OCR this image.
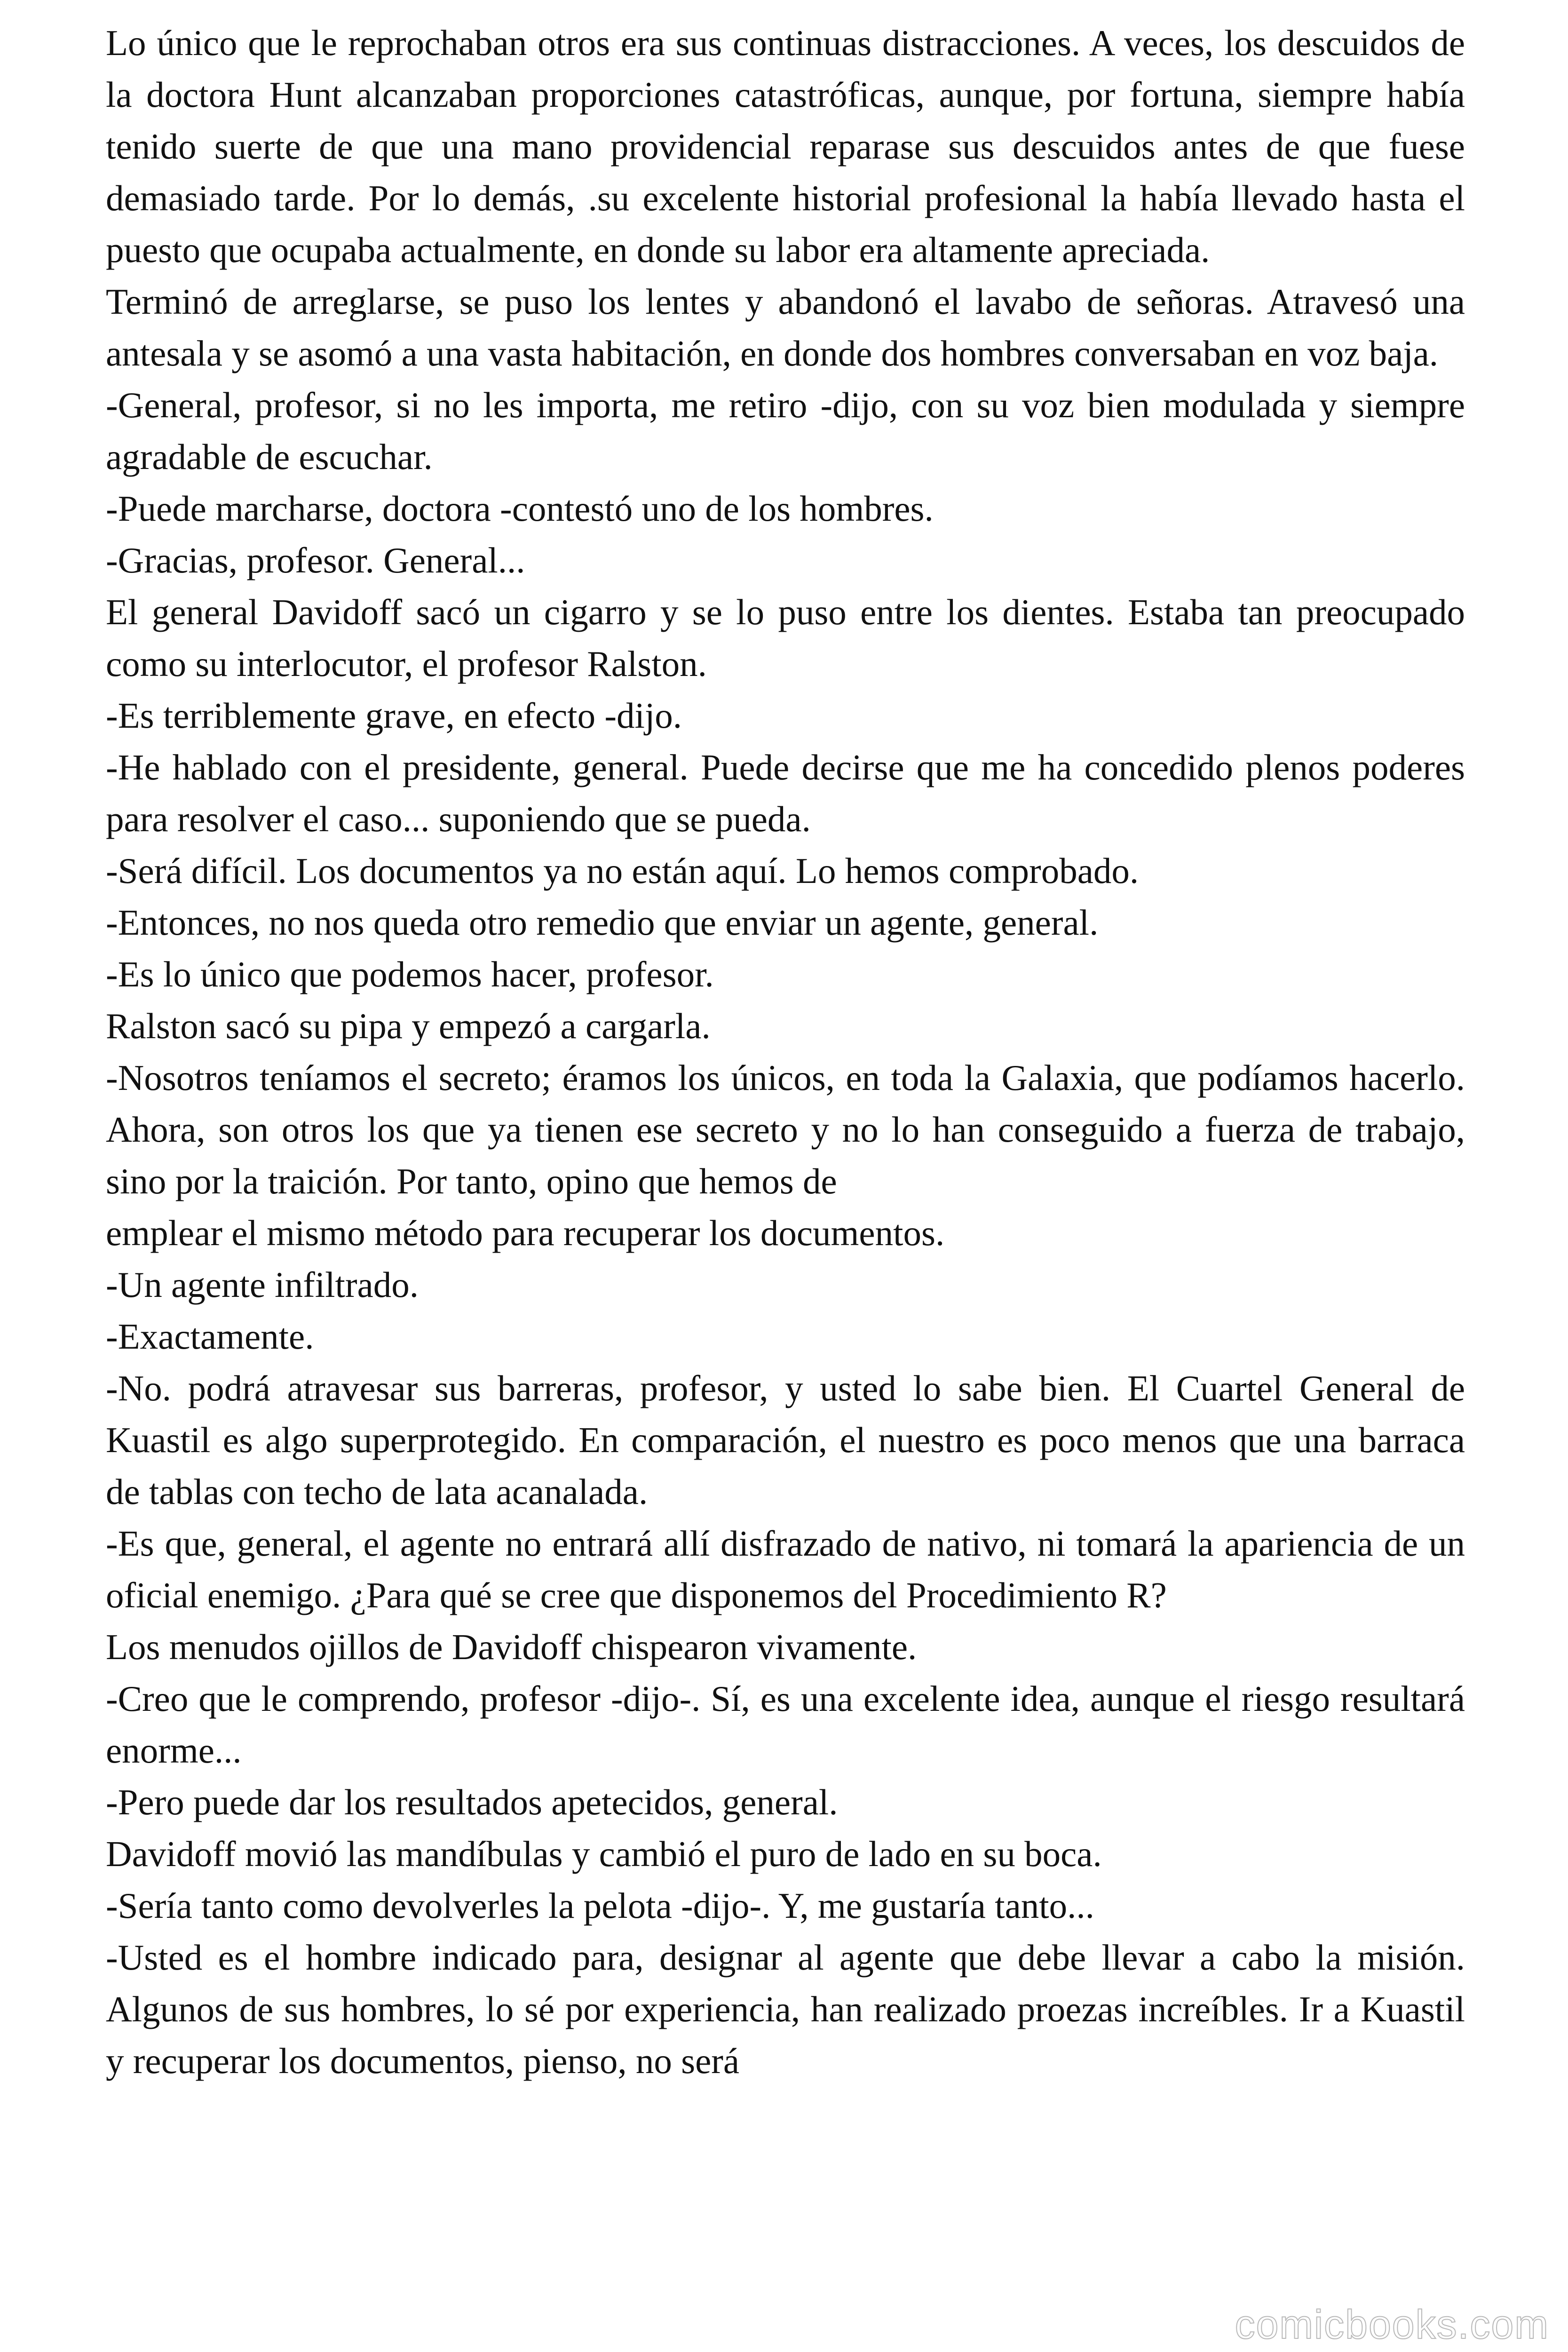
Lo único que le reprochaban otros era sus continuas distracciones. A veces, los descuidos de la doctora Hunt alcanzaban proporciones catastróficas, aunque, por fortuna, siempre había tenido suerte de que una mano providencial reparase sus descuidos antes de que fuese demasiado tarde. Por lo demás, .su excelente historial profesional la había llevado hasta el puesto que ocupaba actualmente, en donde su labor era altamente apreciada.

Terminó de arreglarse, se puso los lentes y abandonó el lavabo de señoras. Atravesó una antesala y se asomó a una vasta habitación, en donde dos hombres conversaban en voz baja.

-General, profesor, si no les importa, me retiro -dijo, con su voz bien modulada y siempre agradable de escuchar.

-Puede marcharse, doctora -contestó uno de los hombres.

-Gracias, profesor. General...

El general Davidoff sacó un cigarro y se lo puso entre los dientes. Estaba tan preocupado como su interlocutor, el profesor Ralston.

-Es terriblemente grave, en efecto -dijo.

-He hablado con el presidente, general. Puede decirse que me ha concedido plenos poderes para resolver el caso... suponiendo que se pueda.

-Será difícil. Los documentos ya no están aquí. Lo hemos comprobado.

-Entonces, no nos queda otro remedio que enviar un agente, general.

-Es lo único que podemos hacer, profesor.

Ralston sacó su pipa y empezó a cargarla.

-Nosotros teníamos el secreto; éramos los únicos, en toda la Galaxia, que podíamos hacerlo. Ahora, son otros los que ya tienen ese secreto y no lo han conseguido a fuerza de trabajo, sino por la traición. Por tanto, opino que hemos de

emplear el mismo método para recuperar los documentos.

-Un agente infiltrado.

-Exactamente.

-No. podrá atravesar sus barreras, profesor, y usted lo sabe bien. El Cuartel General de Kuastil es algo superprotegido. En comparación, el nuestro es poco menos que una barraca de tablas con techo de lata acanalada.

-Es que, general, el agente no entrará allí disfrazado de nativo, ni tomará la apariencia de un oficial enemigo. ¿Para qué se cree que disponemos del Procedimiento R?

Los menudos ojillos de Davidoff chispearon vivamente.

-Creo que le comprendo, profesor -dijo-. Sí, es una excelente idea, aunque el riesgo resultará enorme...

-Pero puede dar los resultados apetecidos, general.

Davidoff movió las mandíbulas y cambió el puro de lado en su boca.

-Sería tanto como devolverles la pelota -dijo-. Y, me gustaría tanto...

-Usted es el hombre indicado para, designar al agente que debe llevar a cabo la misión. Algunos de sus hombres, lo sé por experiencia, han realizado proezas increíbles. Ir a Kuastil y recuperar los documentos, pienso, no será

comicbooks.com
